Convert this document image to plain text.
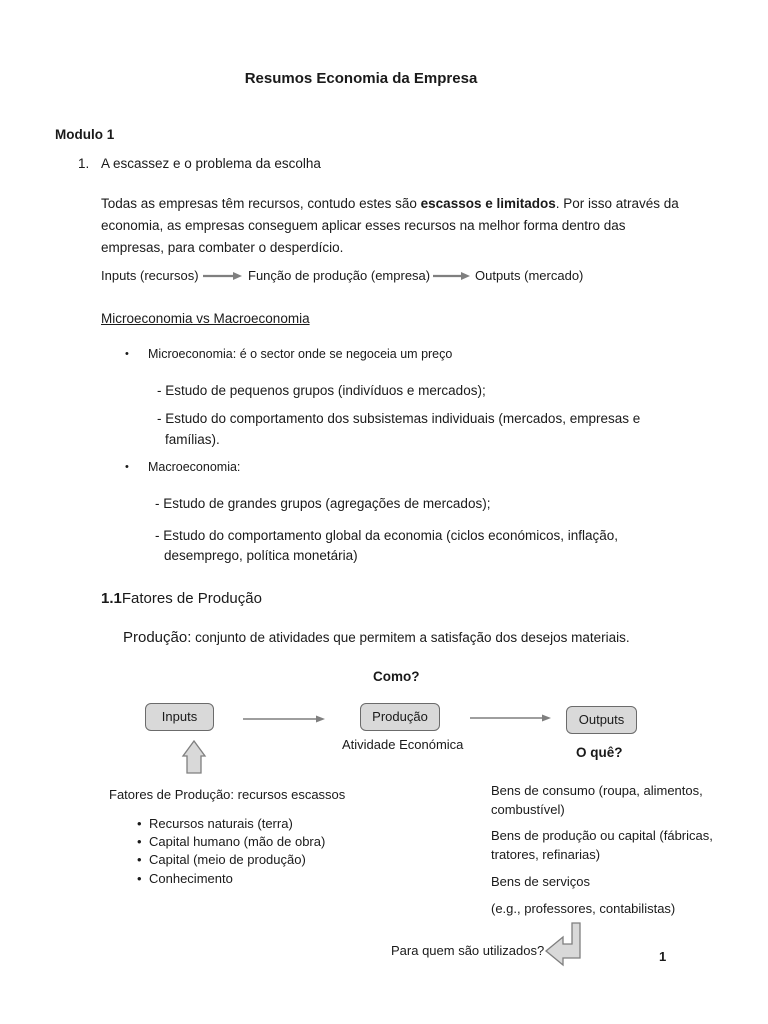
Resumos Economia da Empresa
Modulo 1
1. A escassez e o problema da escolha
Todas as empresas têm recursos, contudo estes são escassos e limitados. Por isso através da economia, as empresas conseguem aplicar esses recursos na melhor forma dentro das empresas, para combater o desperdício.
Inputs (recursos)	Função de produção (empresa)	Outputs (mercado)
Microeconomia vs Macroeconomia
• Microeconomia: é o sector onde se negoceia um preço
- Estudo de pequenos grupos (indivíduos e mercados);
- Estudo do comportamento dos subsistemas individuais (mercados, empresas e
famílias).
• Macroeconomia:
- Estudo de grandes grupos (agregações de mercados);
- Estudo do comportamento global da economia (ciclos económicos, inflação,
desemprego, política monetária)
1.1Fatores de Produção
Produção: conjunto de atividades que permitem a satisfação dos desejos materiais.
Como?
Inputs	Produção	Outputs
Atividade Económica
O quê?
Fatores de Produção: recursos escassos
• Recursos naturais (terra)
• Capital humano (mão de obra)
• Capital (meio de produção)
• Conhecimento
Bens de consumo (roupa, alimentos,
combustível)
Bens de produção ou capital (fábricas,
tratores, refinarias)
Bens de serviços
(e.g., professores, contabilistas)
Para quem são utilizados?	1
